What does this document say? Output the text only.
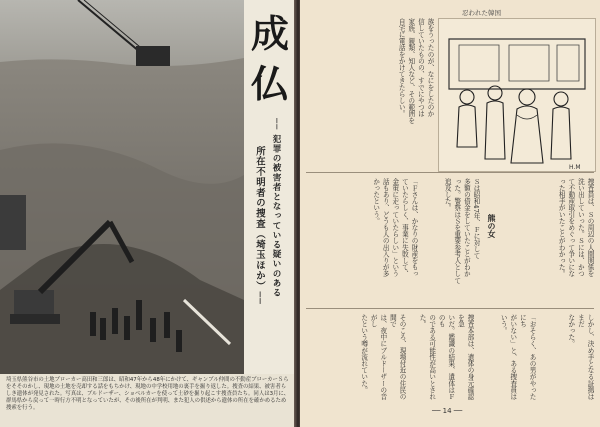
成
仏
── 犯罪の被害者となっている疑いのある
所在不明者の捜査（埼玉ほか）──
埼玉県熊谷市の土地ブローカー高田和三郎は、昭和47年から48年にかけて、ギャンブル仲間の不動産ブローカーＳらをそそのかし、現地の土地を売却する話をもちかけ、現地の中学校用地の裏手を掘り返した。捜査の結果、被害者らしき遺体が発見された。写真は、ブルドーザー、ショベルカーを使って土砂を掘り起こす捜査員たち。同人は3月に、群馬県から戻って一時行方不明となっていたが、その後所在が判明、また犯人の供述から遺体の所在を確かめるため捜索を行う。
忍われた韓国
H.M
族をうったのが、なにをしたのか
信していたものの、すでにやつは
家族、親類、知人など、その範囲を
自宅に電話をかけてきたらしい。

「Ｆさんは、かなりの財産をもっ
ていたらしく、事業に失敗して、
金策に走っていたらしい」という
話もあり、どうも人の出入りが多
かったという。	Ｓは昭和47年、Ｆに対して
多額の借金をしていたことがわか
った。警察はＳを重要参考人として
追及した。

熊の女	捜査員は、Ｓの周辺の人間関係を
洗い出していった。Ｓには、かつ
て不動産取引をめぐって争いにな
った相手がいたことがわかった。

そのころ、現場付近の住民の間で
は、夜中にブルドーザーの音がし
たという噂が流れていた。	捜査本部は、遺体の身元確認を急
いだ。鑑識の結果、遺体はＦのも
のである可能性が高いとされた。	「おそらく、あの男がやったにち
がいない」と、ある捜査員はいう。	しかし、決め手となる証拠はまだ
なかった。

── 14 ──
